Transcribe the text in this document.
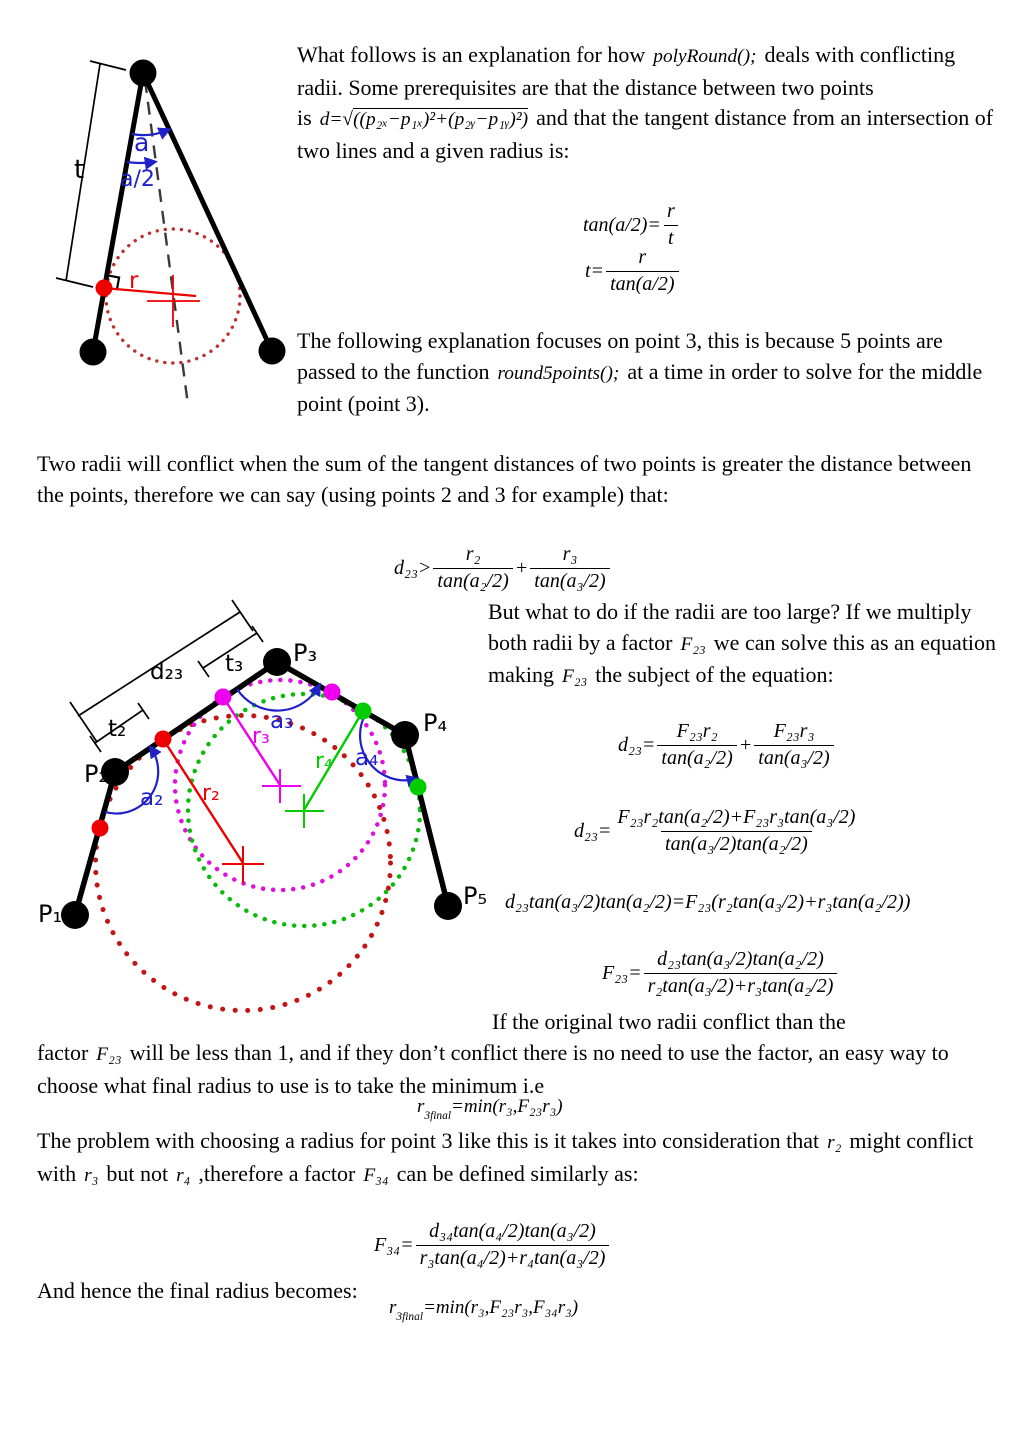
t
a
a/2
r
What follows is an explanation for how polyRound(); deals with conflicting radii. Some prerequisites are that the distance between two points is d=√((p₂ₓ−p₁ₓ)²+(p₂ᵧ−p₁ᵧ)²) and that the tangent distance from an intersection of two lines and a given radius is:
$\tan(a/2)= \frac{r}{t}$
$t= \frac{r}{\tan(a/2)}$
The following explanation focuses on point 3, this is because 5 points are passed to the function round5points(); at a time in order to solve for the middle point (point 3).
Two radii will conflict when the sum of the tangent distances of two points is greater the distance between the points, therefore we can say (using points 2 and 3 for example) that:
$d_{23}> \frac{\text{r₂}}{\text{tan(a₂/2)}} + \frac{\text{r₃}}{\text{tan(a₃/2)}}$
P₁
P₂
P₃
P₄
P₅
d₂₃
t₂
t₃
a₂
a₃
a₄
r₂
r₃
r₄
But what to do if the radii are too large? If we multiply both radii by a factor F₂₃ we can solve this as an equation making F₂₃ the subject of the equation:
$d_{23}= \frac{\text{F₂₃r₂}}{\text{tan(a₂/2)}} + \frac{\text{F₂₃r₃}}{\text{tan(a₃/2)}}$
$d_{23}= \frac{\text{F₂₃r₂tan(a₂/2)+F₂₃r₃tan(a₃/2)}}{\text{tan(a₃/2)tan(a₂/2)}}$
d₂₃tan(a₃/2)tan(a₂/2)=F₂₃(r₂tan(a₃/2)+r₃tan(a₂/2))
$F_{23}= \frac{\text{d₂₃tan(a₃/2)tan(a₂/2)}}{\text{r₂tan(a₃/2)+r₃tan(a₂/2)}}$
If the original two radii conflict than the
factor F₂₃ will be less than 1, and if they don’t conflict there is no need to use the factor, an easy way to choose what final radius to use is to take the minimum i.e
r 3final =min(r₃,F₂₃r₃)
The problem with choosing a radius for point 3 like this is it takes into consideration that r₂ might conflict with r₃ but not r₄ ,therefore a factor F₃₄ can be defined similarly as:
$F_{34}= \frac{\text{d₃₄tan(a₄/2)tan(a₃/2)}}{\text{r₃tan(a₄/2)+r₄tan(a₃/2)}}$
And hence the final radius becomes:
r 3final =min(r₃,F₂₃r₃,F₃₄r₃)
